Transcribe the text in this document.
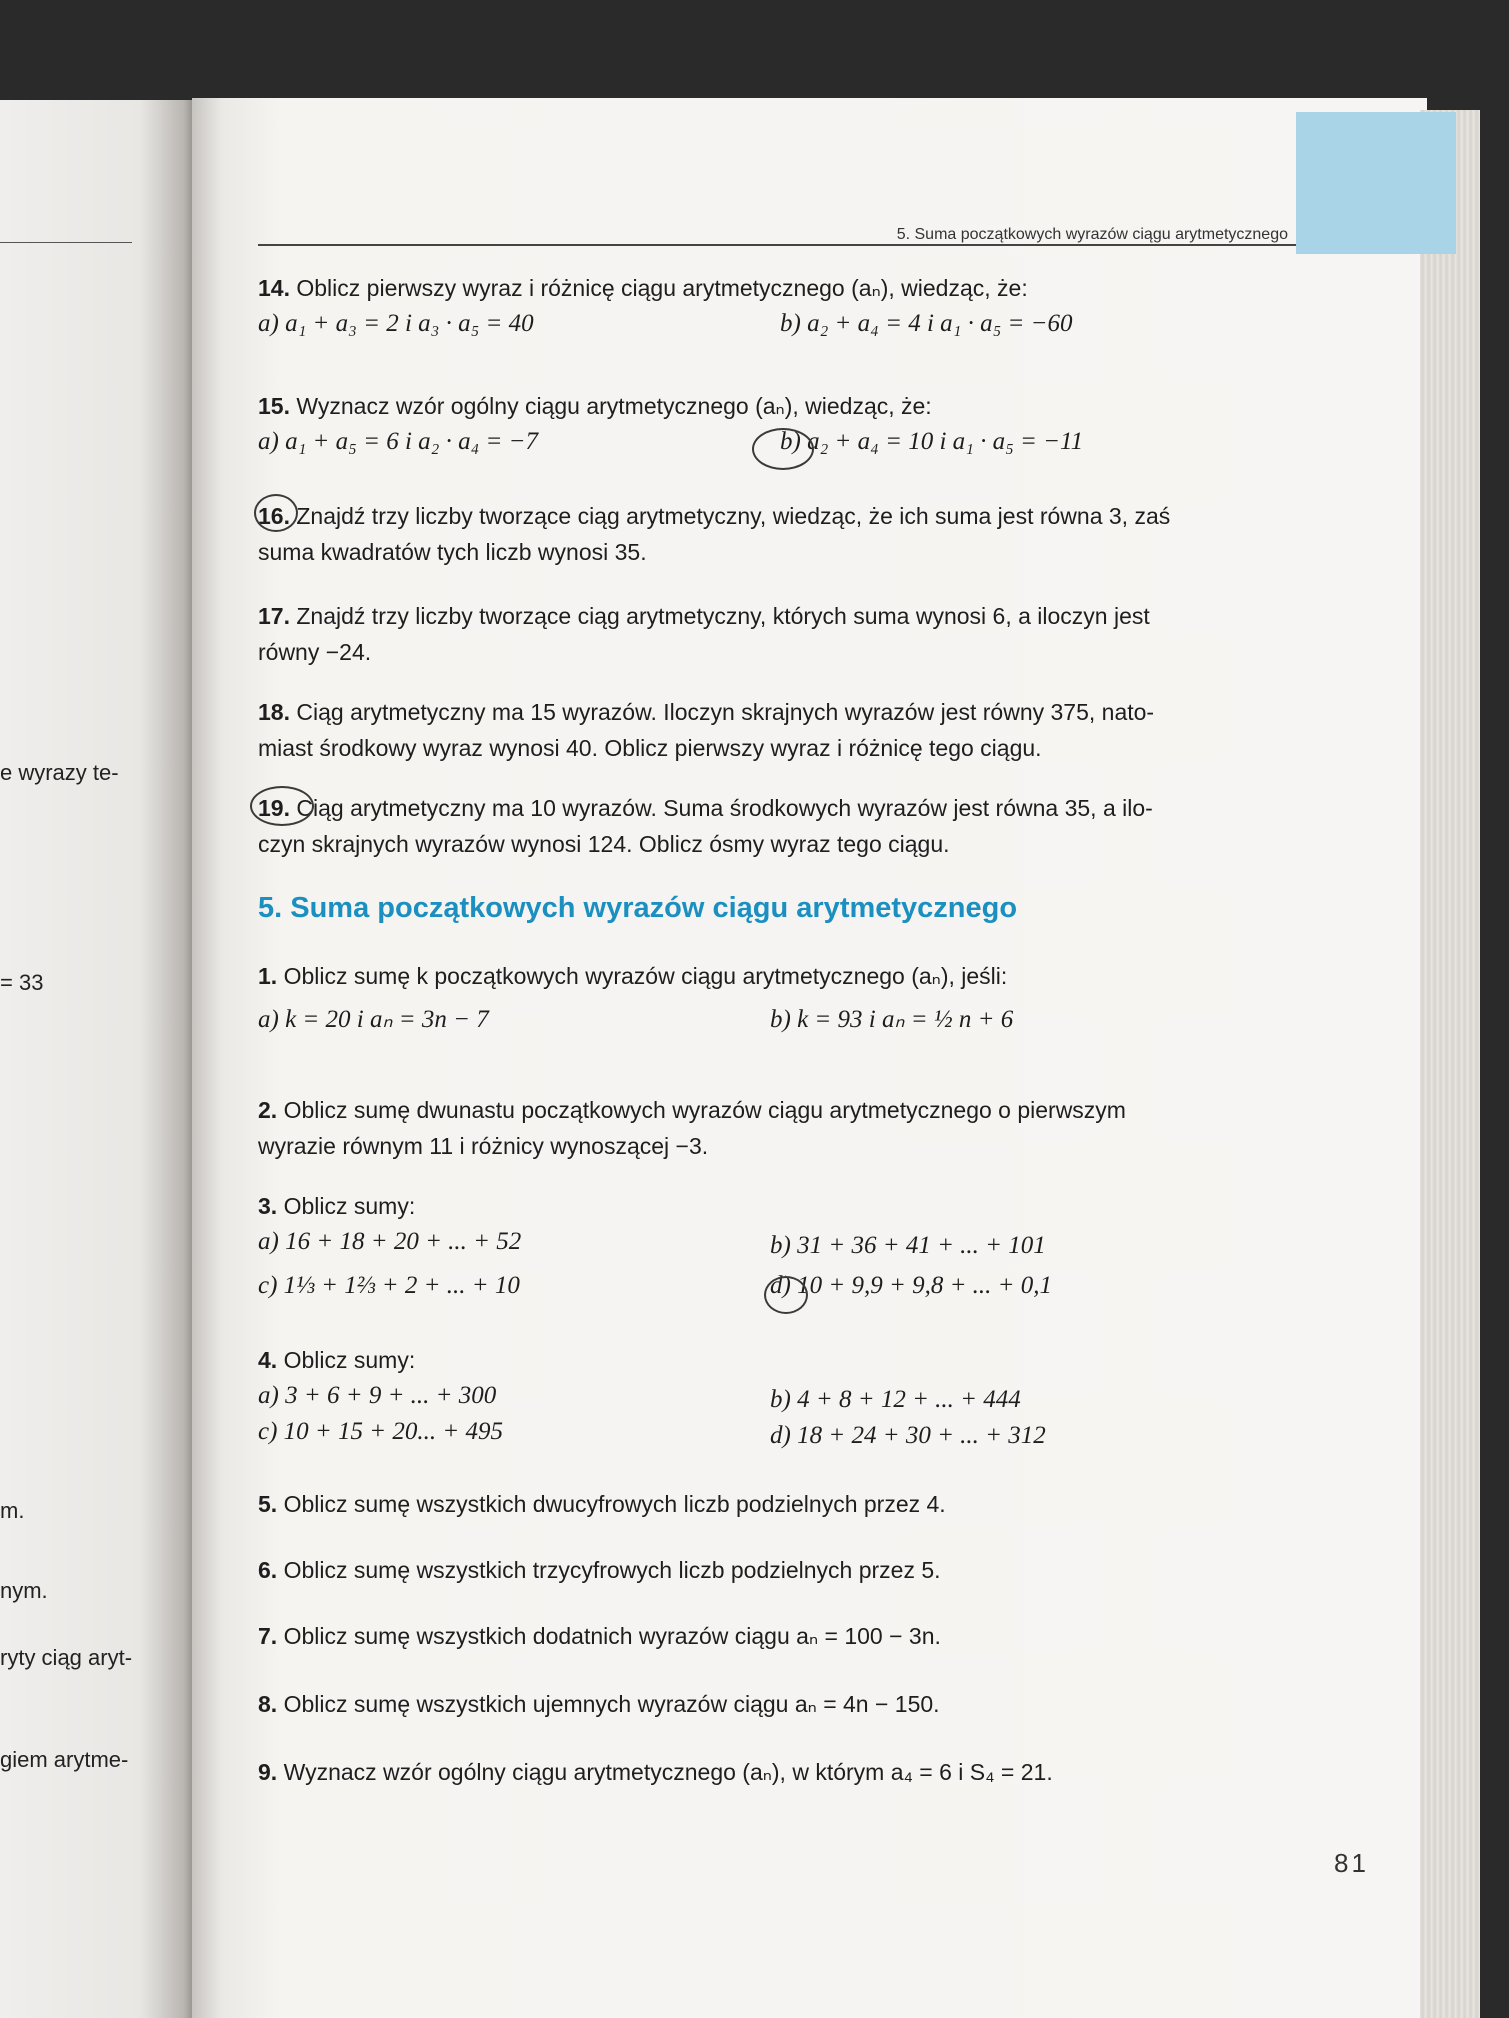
e wyrazy te-
= 33
m.
nym.
ryty ciąg aryt-
giem arytme-
5. Suma początkowych wyrazów ciągu arytmetycznego
14. Oblicz pierwszy wyraz i różnicę ciągu arytmetycznego (aₙ), wiedząc, że:
a) a₁ + a₃ = 2 i a₃ · a₅ = 40	b) a₂ + a₄ = 4 i a₁ · a₅ = −60
15. Wyznacz wzór ogólny ciągu arytmetycznego (aₙ), wiedząc, że:
a) a₁ + a₅ = 6 i a₂ · a₄ = −7	b) a₂ + a₄ = 10 i a₁ · a₅ = −11
16. Znajdź trzy liczby tworzące ciąg arytmetyczny, wiedząc, że ich suma jest równa 3, zaś
suma kwadratów tych liczb wynosi 35.
17. Znajdź trzy liczby tworzące ciąg arytmetyczny, których suma wynosi 6, a iloczyn jest
równy −24.
18. Ciąg arytmetyczny ma 15 wyrazów. Iloczyn skrajnych wyrazów jest równy 375, nato-
miast środkowy wyraz wynosi 40. Oblicz pierwszy wyraz i różnicę tego ciągu.
19. Ciąg arytmetyczny ma 10 wyrazów. Suma środkowych wyrazów jest równa 35, a ilo-
czyn skrajnych wyrazów wynosi 124. Oblicz ósmy wyraz tego ciągu.
5. Suma początkowych wyrazów ciągu arytmetycznego
1. Oblicz sumę k początkowych wyrazów ciągu arytmetycznego (aₙ), jeśli:
a) k = 20 i aₙ = 3n − 7	b) k = 93 i aₙ = ½ n + 6
2. Oblicz sumę dwunastu początkowych wyrazów ciągu arytmetycznego o pierwszym
wyrazie równym 11 i różnicy wynoszącej −3.
3. Oblicz sumy:
a) 16 + 18 + 20 + ... + 52	b) 31 + 36 + 41 + ... + 101
c) 1⅓ + 1⅔ + 2 + ... + 10	d) 10 + 9,9 + 9,8 + ... + 0,1
4. Oblicz sumy:
a) 3 + 6 + 9 + ... + 300	b) 4 + 8 + 12 + ... + 444
c) 10 + 15 + 20... + 495	d) 18 + 24 + 30 + ... + 312
5. Oblicz sumę wszystkich dwucyfrowych liczb podzielnych przez 4.
6. Oblicz sumę wszystkich trzycyfrowych liczb podzielnych przez 5.
7. Oblicz sumę wszystkich dodatnich wyrazów ciągu aₙ = 100 − 3n.
8. Oblicz sumę wszystkich ujemnych wyrazów ciągu aₙ = 4n − 150.
9. Wyznacz wzór ogólny ciągu arytmetycznego (aₙ), w którym a₄ = 6 i S₄ = 21.
81
